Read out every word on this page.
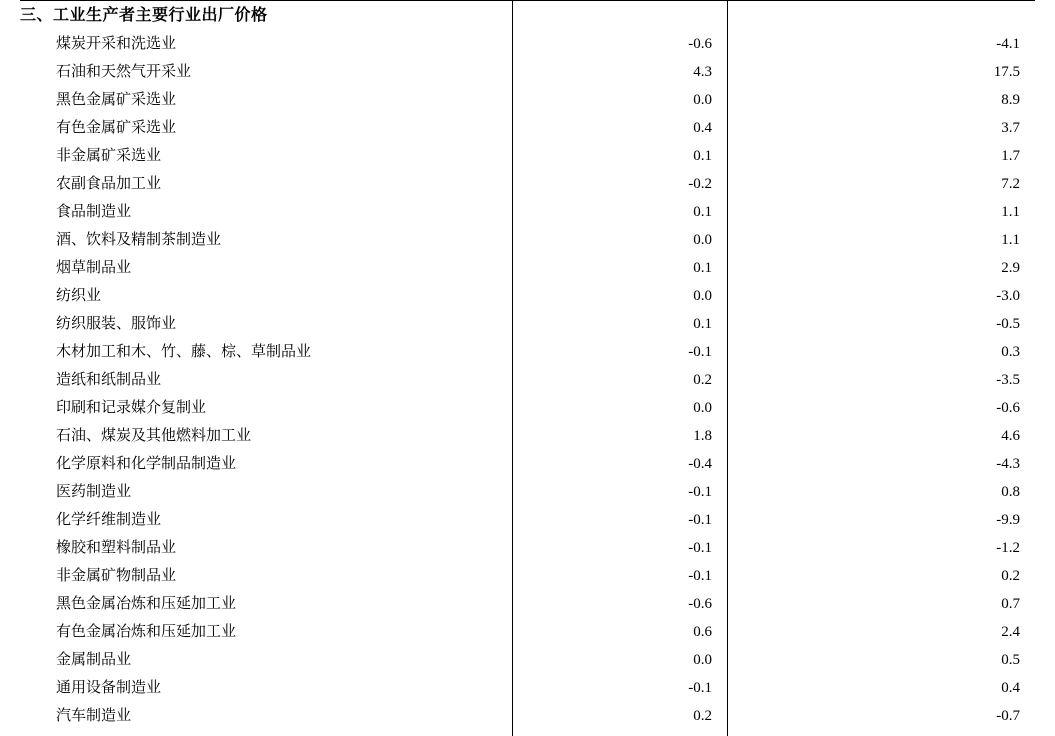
三、工业生产者主要行业出厂价格
煤炭开采和洗选业	-0.6	-4.1
石油和天然气开采业	4.3	17.5
黑色金属矿采选业	0.0	8.9
有色金属矿采选业	0.4	3.7
非金属矿采选业	0.1	1.7
农副食品加工业	-0.2	7.2
食品制造业	0.1	1.1
酒、饮料及精制茶制造业	0.0	1.1
烟草制品业	0.1	2.9
纺织业	0.0	-3.0
纺织服装、服饰业	0.1	-0.5
木材加工和木、竹、藤、棕、草制品业	-0.1	0.3
造纸和纸制品业	0.2	-3.5
印刷和记录媒介复制业	0.0	-0.6
石油、煤炭及其他燃料加工业	1.8	4.6
化学原料和化学制品制造业	-0.4	-4.3
医药制造业	-0.1	0.8
化学纤维制造业	-0.1	-9.9
橡胶和塑料制品业	-0.1	-1.2
非金属矿物制品业	-0.1	0.2
黑色金属冶炼和压延加工业	-0.6	0.7
有色金属冶炼和压延加工业	0.6	2.4
金属制品业	0.0	0.5
通用设备制造业	-0.1	0.4
汽车制造业	0.2	-0.7
